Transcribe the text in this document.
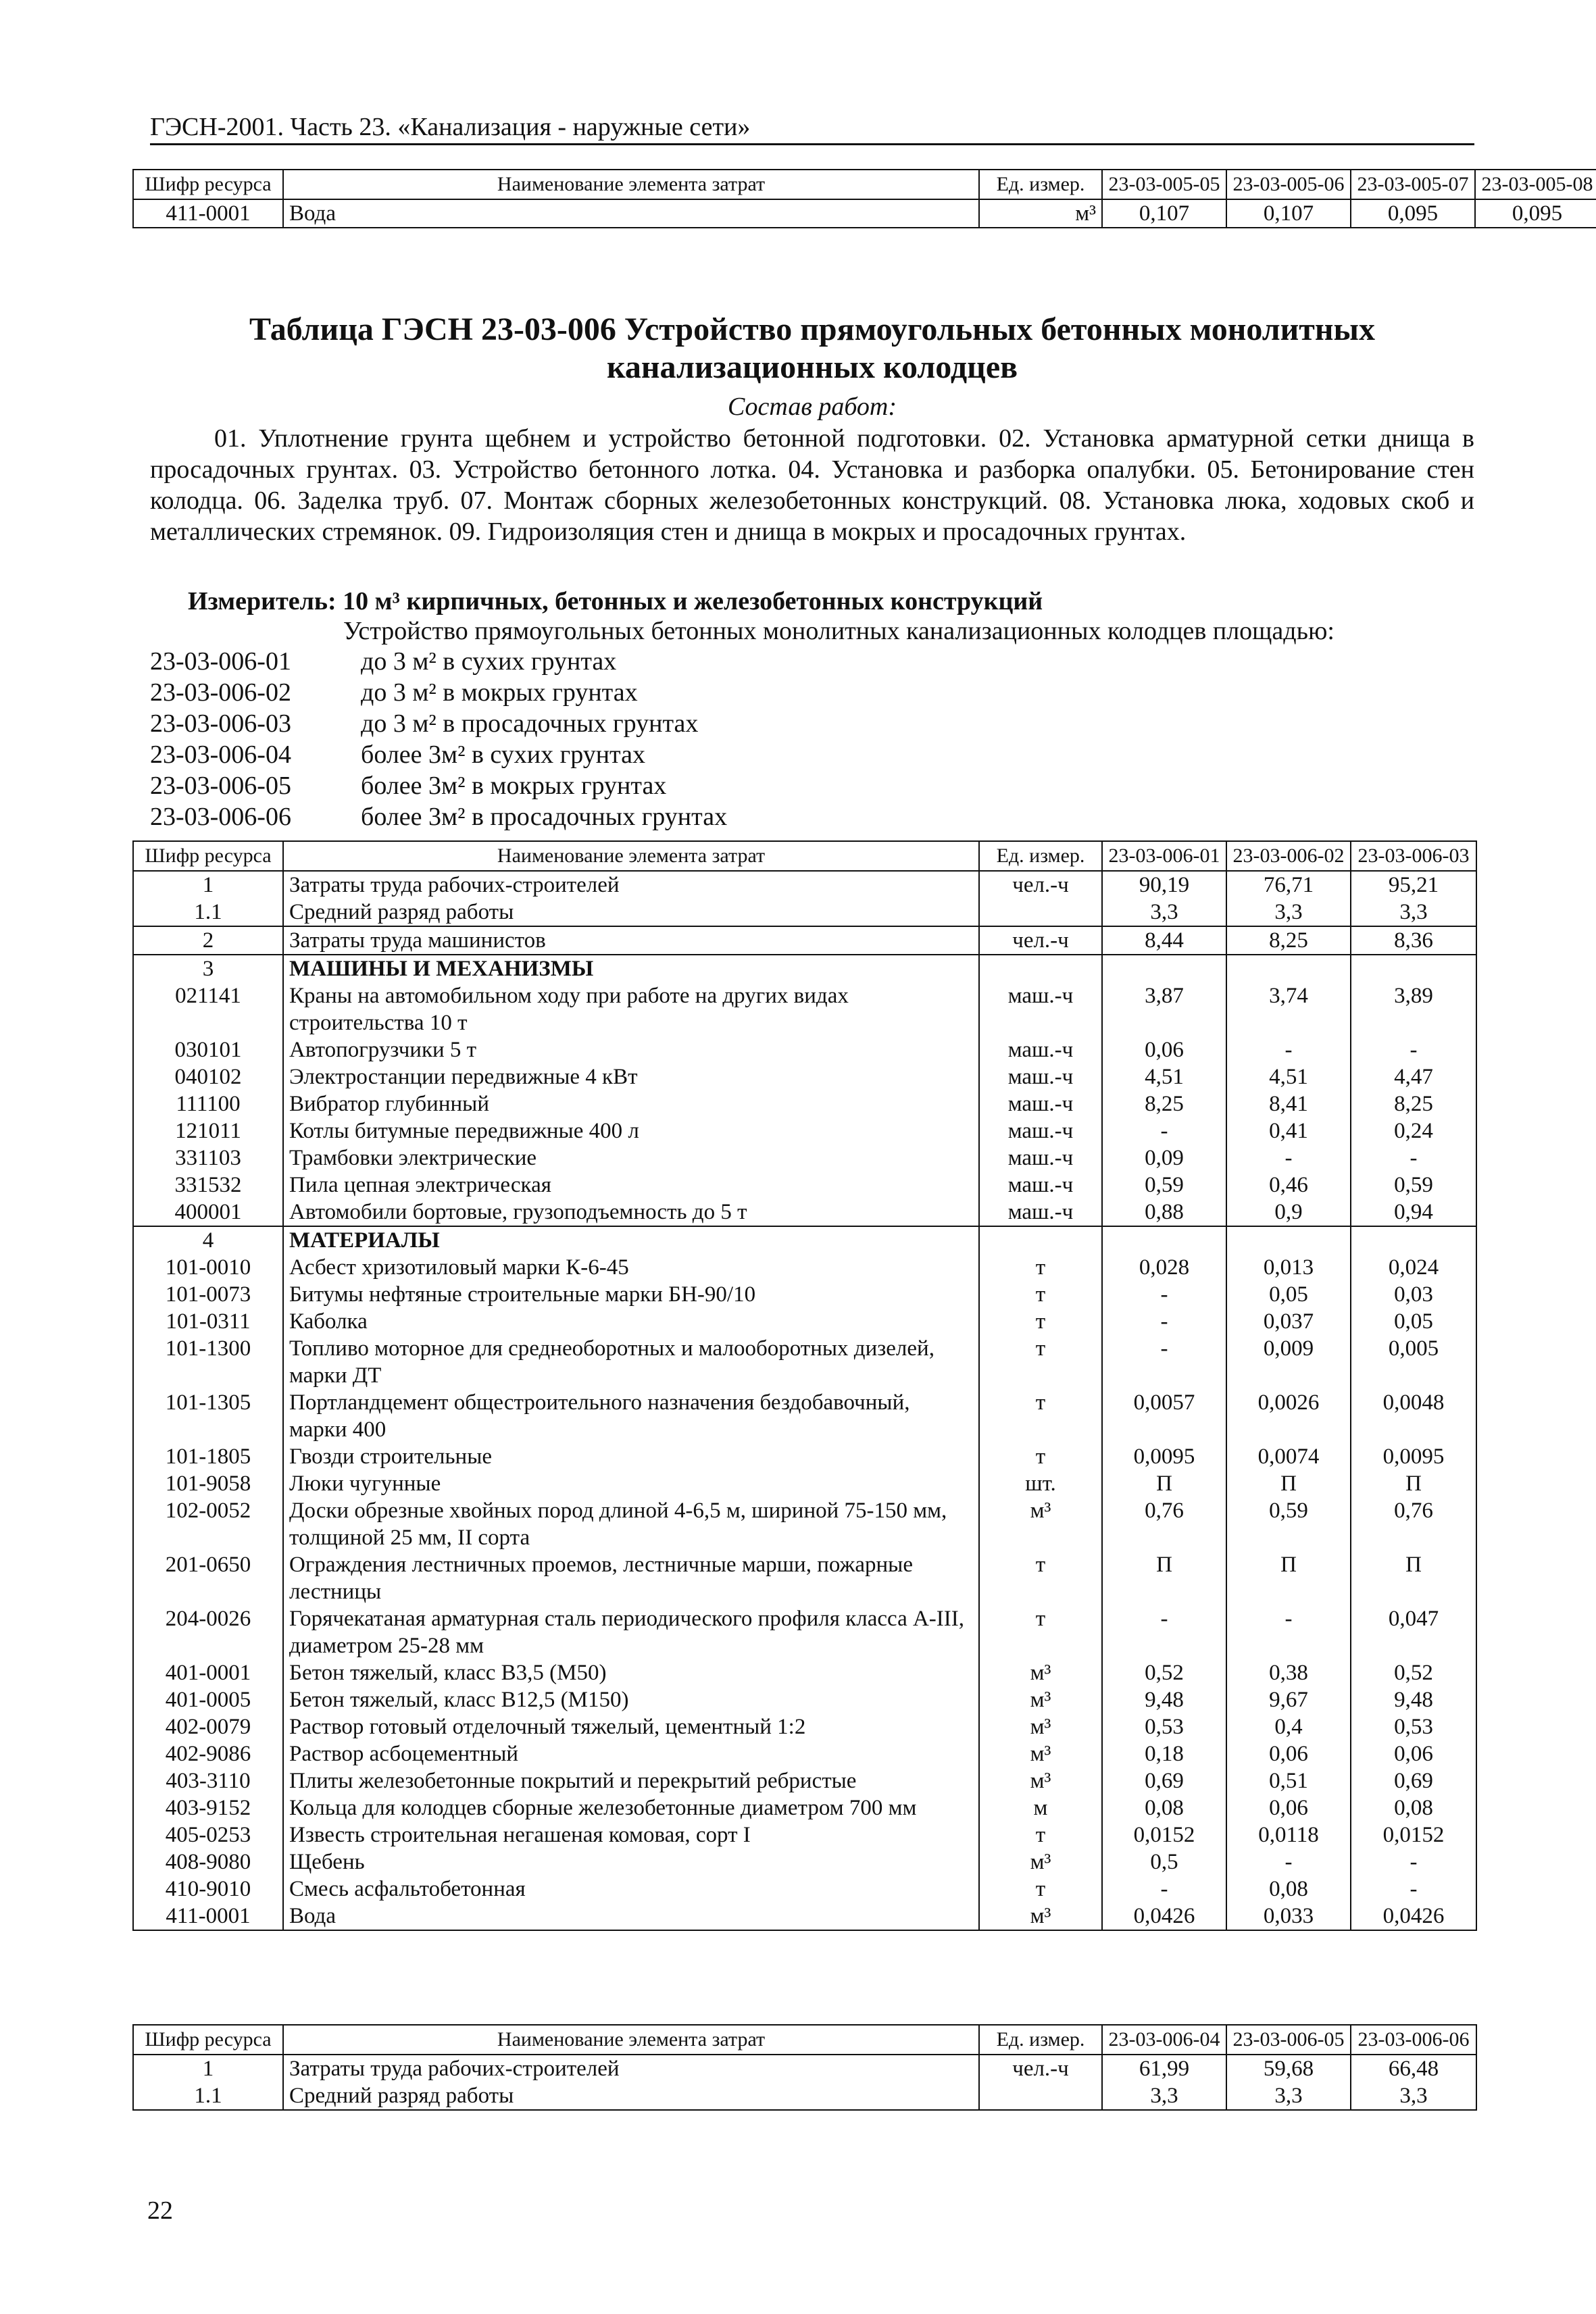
ГЭСН-2001. Часть 23. «Канализация - наружные сети»
Шифр ресурса	Наименование элемента затрат	Ед. измер.	23-03-005-05	23-03-005-06	23-03-005-07	23-03-005-08
411-0001	Вода	м³	0,107	0,107	0,095	0,095
Таблица ГЭСН 23-03-006 Устройство прямоугольных бетонных монолитных канализационных колодцев
Состав работ:
01. Уплотнение грунта щебнем и устройство бетонной подготовки. 02. Установка арматурной сетки днища в просадочных грунтах. 03. Устройство бетонного лотка. 04. Установка и разборка опалубки. 05. Бетонирование стен колодца. 06. Заделка труб. 07. Монтаж сборных железобетонных конструкций. 08. Установка люка, ходовых скоб и металлических стремянок. 09. Гидроизоляция стен и днища в мокрых и просадочных грунтах.
Измеритель: 10 м³ кирпичных, бетонных и железобетонных конструкций
Устройство прямоугольных бетонных монолитных канализационных колодцев площадью:
23-03-006-01	до 3 м² в сухих грунтах
23-03-006-02	до 3 м² в мокрых грунтах
23-03-006-03	до 3 м² в просадочных грунтах
23-03-006-04	более 3м² в сухих грунтах
23-03-006-05	более 3м² в мокрых грунтах
23-03-006-06	более 3м² в просадочных грунтах
Шифр ресурса	Наименование элемента затрат	Ед. измер.	23-03-006-01	23-03-006-02	23-03-006-03
1	Затраты труда рабочих-строителей	чел.-ч	90,19	76,71	95,21
1.1	Средний разряд работы		3,3	3,3	3,3
2	Затраты труда машинистов	чел.-ч	8,44	8,25	8,36
3	МАШИНЫ И МЕХАНИЗМЫ				
021141	Краны на автомобильном ходу при работе на других видах строительства 10 т	маш.-ч	3,87	3,74	3,89
030101	Автопогрузчики 5 т	маш.-ч	0,06	-	-
040102	Электростанции передвижные 4 кВт	маш.-ч	4,51	4,51	4,47
111100	Вибратор глубинный	маш.-ч	8,25	8,41	8,25
121011	Котлы битумные передвижные 400 л	маш.-ч	-	0,41	0,24
331103	Трамбовки электрические	маш.-ч	0,09	-	-
331532	Пила цепная электрическая	маш.-ч	0,59	0,46	0,59
400001	Автомобили бортовые, грузоподъемность до 5 т	маш.-ч	0,88	0,9	0,94
4	МАТЕРИАЛЫ				
101-0010	Асбест хризотиловый марки К-6-45	т	0,028	0,013	0,024
101-0073	Битумы нефтяные строительные марки БН-90/10	т	-	0,05	0,03
101-0311	Каболка	т	-	0,037	0,05
101-1300	Топливо моторное для среднеоборотных и малооборотных дизелей, марки ДТ	т	-	0,009	0,005
101-1305	Портландцемент общестроительного назначения бездобавочный, марки 400	т	0,0057	0,0026	0,0048
101-1805	Гвозди строительные	т	0,0095	0,0074	0,0095
101-9058	Люки чугунные	шт.	П	П	П
102-0052	Доски обрезные хвойных пород длиной 4-6,5 м, шириной 75-150 мм, толщиной 25 мм, II сорта	м³	0,76	0,59	0,76
201-0650	Ограждения лестничных проемов, лестничные марши, пожарные лестницы	т	П	П	П
204-0026	Горячекатаная арматурная сталь периодического профиля класса А-III, диаметром 25-28 мм	т	-	-	0,047
401-0001	Бетон тяжелый, класс В3,5 (М50)	м³	0,52	0,38	0,52
401-0005	Бетон тяжелый, класс В12,5 (М150)	м³	9,48	9,67	9,48
402-0079	Раствор готовый отделочный тяжелый, цементный 1:2	м³	0,53	0,4	0,53
402-9086	Раствор асбоцементный	м³	0,18	0,06	0,06
403-3110	Плиты железобетонные покрытий и перекрытий ребристые	м³	0,69	0,51	0,69
403-9152	Кольца для колодцев сборные железобетонные диаметром 700 мм	м	0,08	0,06	0,08
405-0253	Известь строительная негашеная комовая, сорт I	т	0,0152	0,0118	0,0152
408-9080	Щебень	м³	0,5	-	-
410-9010	Смесь асфальтобетонная	т	-	0,08	-
411-0001	Вода	м³	0,0426	0,033	0,0426
Шифр ресурса	Наименование элемента затрат	Ед. измер.	23-03-006-04	23-03-006-05	23-03-006-06
1	Затраты труда рабочих-строителей	чел.-ч	61,99	59,68	66,48
1.1	Средний разряд работы		3,3	3,3	3,3
22
